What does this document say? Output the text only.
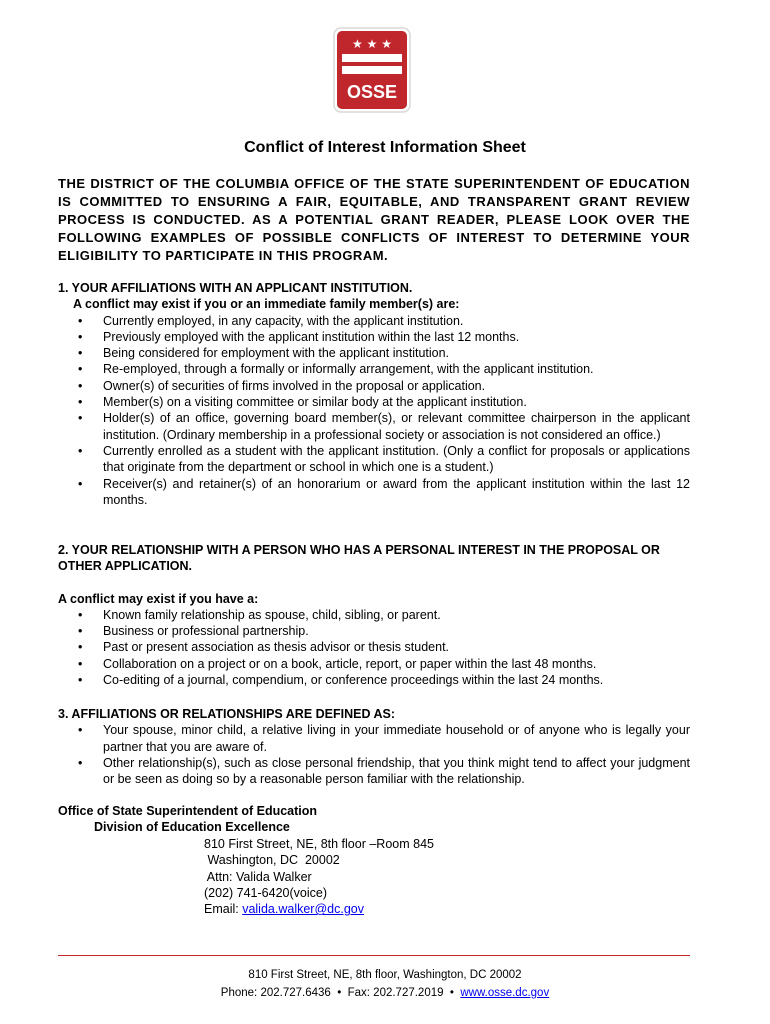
★ ★ ★
OSSE
Conflict of Interest Information Sheet
THE DISTRICT OF THE COLUMBIA OFFICE OF THE STATE SUPERINTENDENT OF EDUCATION IS COMMITTED TO ENSURING A FAIR, EQUITABLE, AND TRANSPARENT GRANT REVIEW PROCESS IS CONDUCTED. AS A POTENTIAL GRANT READER, PLEASE LOOK OVER THE FOLLOWING EXAMPLES OF POSSIBLE CONFLICTS OF INTEREST TO DETERMINE YOUR ELIGIBILITY TO PARTICIPATE IN THIS PROGRAM.
1. YOUR AFFILIATIONS WITH AN APPLICANT INSTITUTION.
A conflict may exist if you or an immediate family member(s) are:
• Currently employed, in any capacity, with the applicant institution.
• Previously employed with the applicant institution within the last 12 months.
• Being considered for employment with the applicant institution.
• Re-employed, through a formally or informally arrangement, with the applicant institution.
• Owner(s) of securities of firms involved in the proposal or application.
• Member(s) on a visiting committee or similar body at the applicant institution.
• Holder(s) of an office, governing board member(s), or relevant committee chairperson in the applicant institution. (Ordinary membership in a professional society or association is not considered an office.)
• Currently enrolled as a student with the applicant institution. (Only a conflict for proposals or applications that originate from the department or school in which one is a student.)
• Receiver(s) and retainer(s) of an honorarium or award from the applicant institution within the last 12 months.
2. YOUR RELATIONSHIP WITH A PERSON WHO HAS A PERSONAL INTEREST IN THE PROPOSAL OR OTHER APPLICATION.
A conflict may exist if you have a:
• Known family relationship as spouse, child, sibling, or parent.
• Business or professional partnership.
• Past or present association as thesis advisor or thesis student.
• Collaboration on a project or on a book, article, report, or paper within the last 48 months.
• Co-editing of a journal, compendium, or conference proceedings within the last 24 months.
3. AFFILIATIONS OR RELATIONSHIPS ARE DEFINED AS:
• Your spouse, minor child, a relative living in your immediate household or of anyone who is legally your partner that you are aware of.
• Other relationship(s), such as close personal friendship, that you think might tend to affect your judgment or be seen as doing so by a reasonable person familiar with the relationship.
Office of State Superintendent of Education
Division of Education Excellence
810 First Street, NE, 8th floor –Room 845
Washington, DC  20002
Attn: Valida Walker
(202) 741-6420(voice)
Email: valida.walker@dc.gov
810 First Street, NE, 8th floor, Washington, DC 20002
Phone: 202.727.6436 • Fax: 202.727.2019 • www.osse.dc.gov
